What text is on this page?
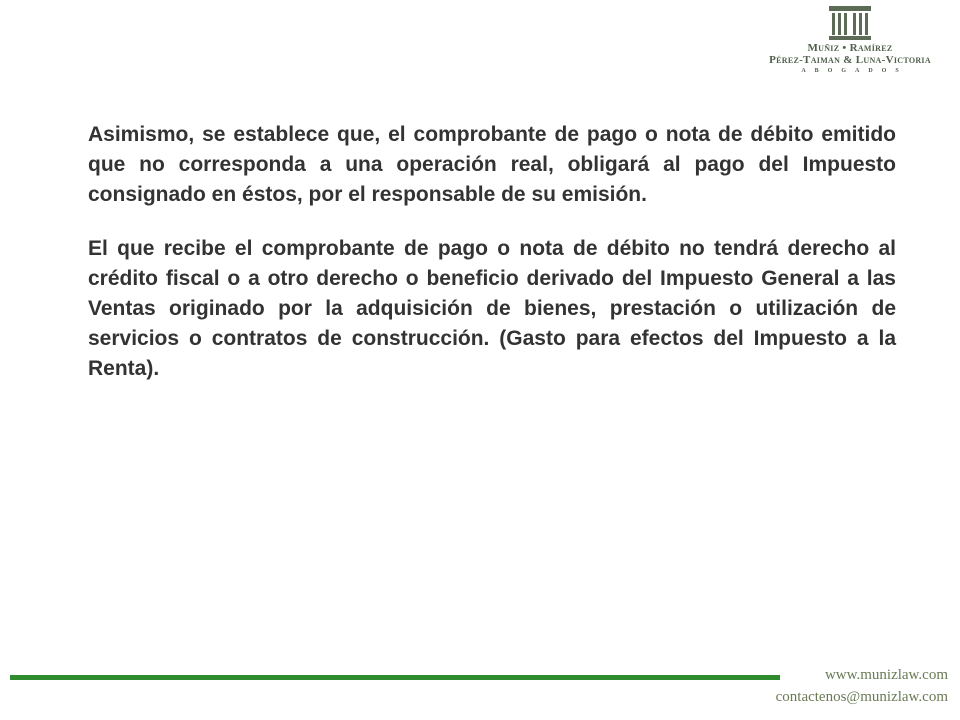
Muñiz • Ramírez
Pérez-Taiman & Luna-Victoria
ABOGADOS

Asimismo, se establece que, el comprobante de pago o nota de débito emitido que no corresponda a una operación real, obligará al pago del Impuesto consignado en éstos, por el responsable de su emisión.

El que recibe el comprobante de pago o nota de débito no tendrá derecho al crédito fiscal o a otro derecho o beneficio derivado del Impuesto General a las Ventas originado por la adquisición de bienes, prestación o utilización de servicios o contratos de construcción. (Gasto para efectos del Impuesto a la Renta).

www.munizlaw.com
contactenos@munizlaw.com
